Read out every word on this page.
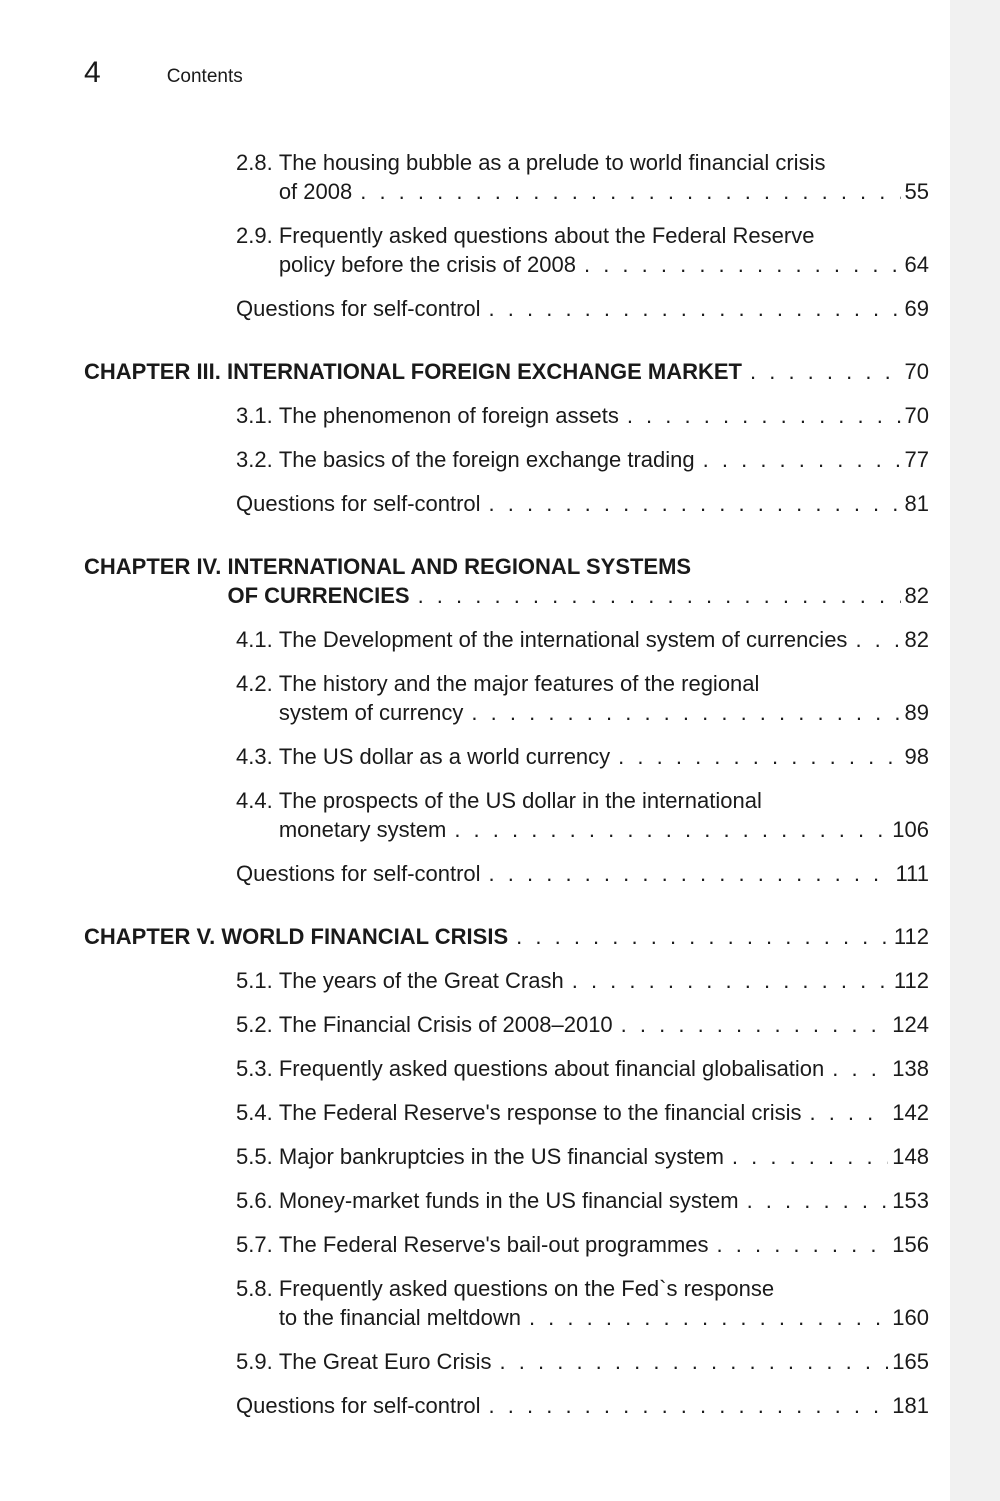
4	Contents
2.8. The housing bubble as a prelude to world financial crisis
of 2008 . . .	55
2.9. Frequently asked questions about the Federal Reserve
policy before the crisis of 2008 . . .	64
Questions for self-control . . .	69
CHAPTER III. INTERNATIONAL FOREIGN EXCHANGE MARKET . . .	70
3.1. The phenomenon of foreign assets . . .	70
3.2. The basics of the foreign exchange trading . . .	77
Questions for self-control . . .	81
CHAPTER IV. INTERNATIONAL AND REGIONAL SYSTEMS
OF CURRENCIES . . .	82
4.1. The Development of the international system of currencies . . .	82
4.2. The history and the major features of the regional
system of currency . . .	89
4.3. The US dollar as a world currency . . .	98
4.4. The prospects of the US dollar in the international
monetary system . . .	106
Questions for self-control . . .	111
CHAPTER V. WORLD FINANCIAL CRISIS . . .	112
5.1. The years of the Great Crash . . .	112
5.2. The Financial Crisis of 2008–2010 . . .	124
5.3. Frequently asked questions about financial globalisation . . .	138
5.4. The Federal Reserve's response to the financial crisis . . .	142
5.5. Major bankruptcies in the US financial system . . .	148
5.6. Money-market funds in the US financial system . . .	153
5.7. The Federal Reserve's bail-out programmes . . .	156
5.8. Frequently asked questions on the Fed`s response
to the financial meltdown . . .	160
5.9. The Great Euro Crisis . . .	165
Questions for self-control . . .	181
